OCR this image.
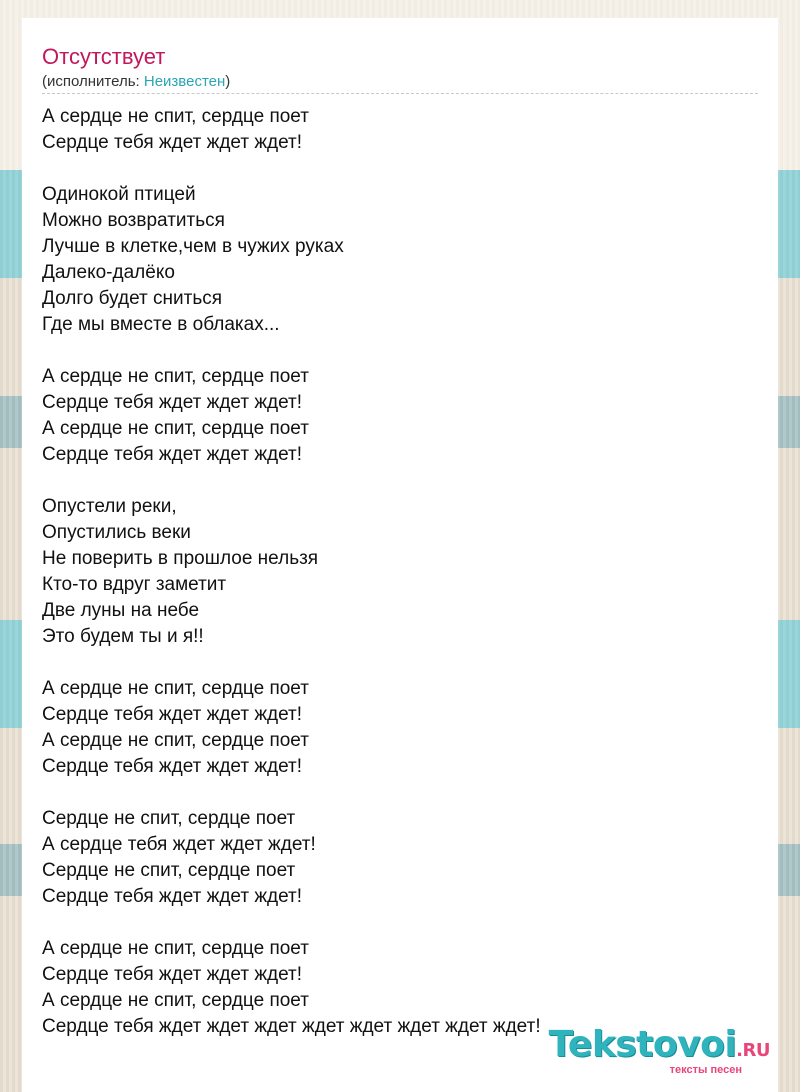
Отсутствует
(исполнитель: Неизвестен)
А сердце не спит, сердце поет
Сердце тебя ждет ждет ждет!
Одинокой птицей
Можно возвратиться
Лучше в клетке,чем в чужих руках
Далеко-далёко
Долго будет сниться
Где мы вместе в облаках...
А сердце не спит, сердце поет
Сердце тебя ждет ждет ждет!
А сердце не спит, сердце поет
Сердце тебя ждет ждет ждет!
Опустели реки,
Опустились веки
Не поверить в прошлое нельзя
Кто-то вдруг заметит
Две луны на небе
Это будем ты и я!!
А сердце не спит, сердце поет
Сердце тебя ждет ждет ждет!
А сердце не спит, сердце поет
Сердце тебя ждет ждет ждет!
Сердце не спит, сердце поет
А сердце тебя ждет ждет ждет!
Сердце не спит, сердце поет
Сердце тебя ждет ждет ждет!
А сердце не спит, сердце поет
Сердце тебя ждет ждет ждет!
А сердце не спит, сердце поет
Сердце тебя ждет ждет ждет ждет ждет ждет ждет ждет! Tekstovoi.RU
тексты песен
